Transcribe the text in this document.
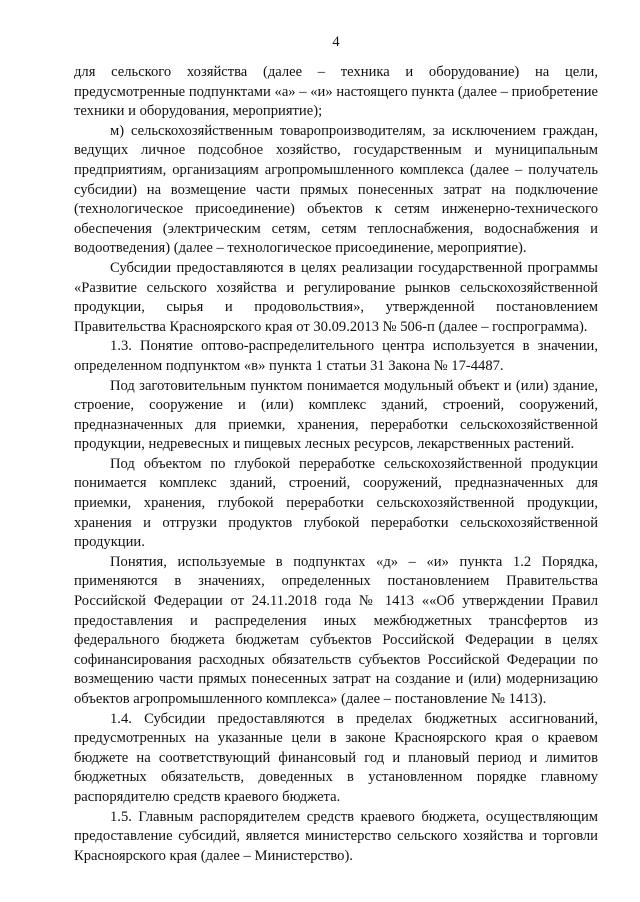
4

для сельского хозяйства (далее – техника и оборудование) на цели, предусмотренные подпунктами «а» – «и» настоящего пункта (далее – приобретение техники и оборудования, мероприятие);

м) сельскохозяйственным товаропроизводителям, за исключением граждан, ведущих личное подсобное хозяйство, государственным и муниципальным предприятиям, организациям агропромышленного комплекса (далее – получатель субсидии) на возмещение части прямых понесенных затрат на подключение (технологическое присоединение) объектов к сетям инженерно-технического обеспечения (электрическим сетям, сетям теплоснабжения, водоснабжения и водоотведения) (далее – технологическое присоединение, мероприятие).

Субсидии предоставляются в целях реализации государственной программы «Развитие сельского хозяйства и регулирование рынков сельскохозяйственной продукции, сырья и продовольствия», утвержденной постановлением Правительства Красноярского края от 30.09.2013 № 506-п (далее – госпрограмма).

1.3. Понятие оптово-распределительного центра используется в значении, определенном подпунктом «в» пункта 1 статьи 31 Закона № 17-4487.

Под заготовительным пунктом понимается модульный объект и (или) здание, строение, сооружение и (или) комплекс зданий, строений, сооружений, предназначенных для приемки, хранения, переработки сельскохозяйственной продукции, недревесных и пищевых лесных ресурсов, лекарственных растений.

Под объектом по глубокой переработке сельскохозяйственной продукции понимается комплекс зданий, строений, сооружений, предназначенных для приемки, хранения, глубокой переработки сельскохозяйственной продукции, хранения и отгрузки продуктов глубокой переработки сельскохозяйственной продукции.

Понятия, используемые в подпунктах «д» – «и» пункта 1.2 Порядка, применяются в значениях, определенных постановлением Правительства Российской Федерации от 24.11.2018 года № 1413 ««Об утверждении Правил предоставления и распределения иных межбюджетных трансфертов из федерального бюджета бюджетам субъектов Российской Федерации в целях софинансирования расходных обязательств субъектов Российской Федерации по возмещению части прямых понесенных затрат на создание и (или) модернизацию объектов агропромышленного комплекса» (далее – постановление № 1413).

1.4. Субсидии предоставляются в пределах бюджетных ассигнований, предусмотренных на указанные цели в законе Красноярского края о краевом бюджете на соответствующий финансовый год и плановый период и лимитов бюджетных обязательств, доведенных в установленном порядке главному распорядителю средств краевого бюджета.

1.5. Главным распорядителем средств краевого бюджета, осуществляющим предоставление субсидий, является министерство сельского хозяйства и торговли Красноярского края (далее – Министерство).
